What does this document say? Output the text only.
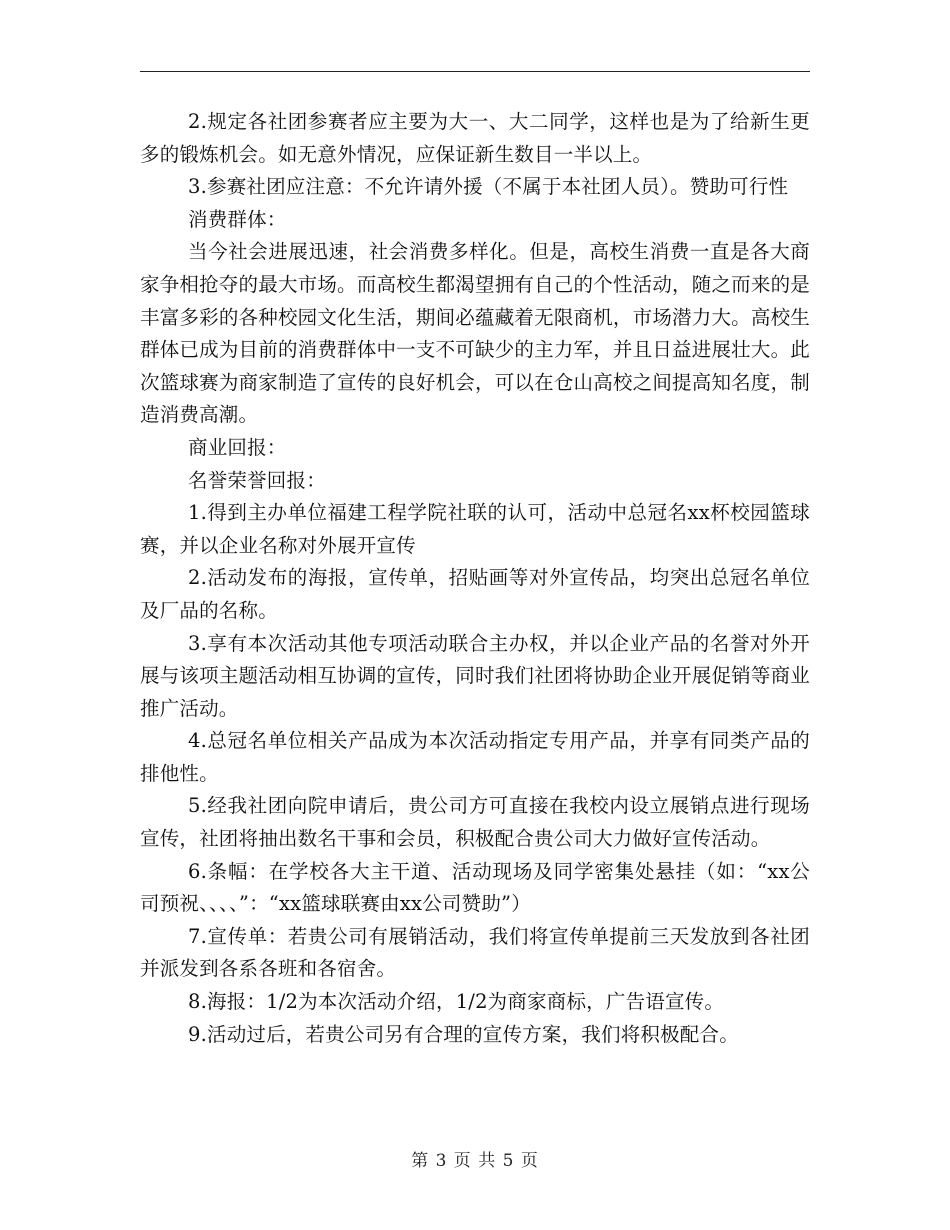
2.规定各社团参赛者应主要为大一、大二同学，这样也是为了给新生更多的锻炼机会。如无意外情况，应保证新生数目一半以上。

3.参赛社团应注意：不允许请外援（不属于本社团人员）。赞助可行性

消费群体：

当今社会进展迅速，社会消费多样化。但是，高校生消费一直是各大商家争相抢夺的最大市场。而高校生都渴望拥有自己的个性活动，随之而来的是丰富多彩的各种校园文化生活，期间必蕴藏着无限商机，市场潜力大。高校生群体已成为目前的消费群体中一支不可缺少的主力军，并且日益进展壮大。此次篮球赛为商家制造了宣传的良好机会，可以在仓山高校之间提高知名度，制造消费高潮。

商业回报：

名誉荣誉回报：

1.得到主办单位福建工程学院社联的认可，活动中总冠名xx杯校园篮球赛，并以企业名称对外展开宣传

2.活动发布的海报，宣传单，招贴画等对外宣传品，均突出总冠名单位及厂品的名称。

3.享有本次活动其他专项活动联合主办权，并以企业产品的名誉对外开展与该项主题活动相互协调的宣传，同时我们社团将协助企业开展促销等商业推广活动。

4.总冠名单位相关产品成为本次活动指定专用产品，并享有同类产品的排他性。

5.经我社团向院申请后，贵公司方可直接在我校内设立展销点进行现场宣传，社团将抽出数名干事和会员，积极配合贵公司大力做好宣传活动。

6.条幅：在学校各大主干道、活动现场及同学密集处悬挂（如：“xx公司预祝、、、、”：“xx篮球联赛由xx公司赞助”）

7.宣传单：若贵公司有展销活动，我们将宣传单提前三天发放到各社团并派发到各系各班和各宿舍。

8.海报：1/2为本次活动介绍，1/2为商家商标，广告语宣传。

9.活动过后，若贵公司另有合理的宣传方案，我们将积极配合。

第 3 页 共 5 页
